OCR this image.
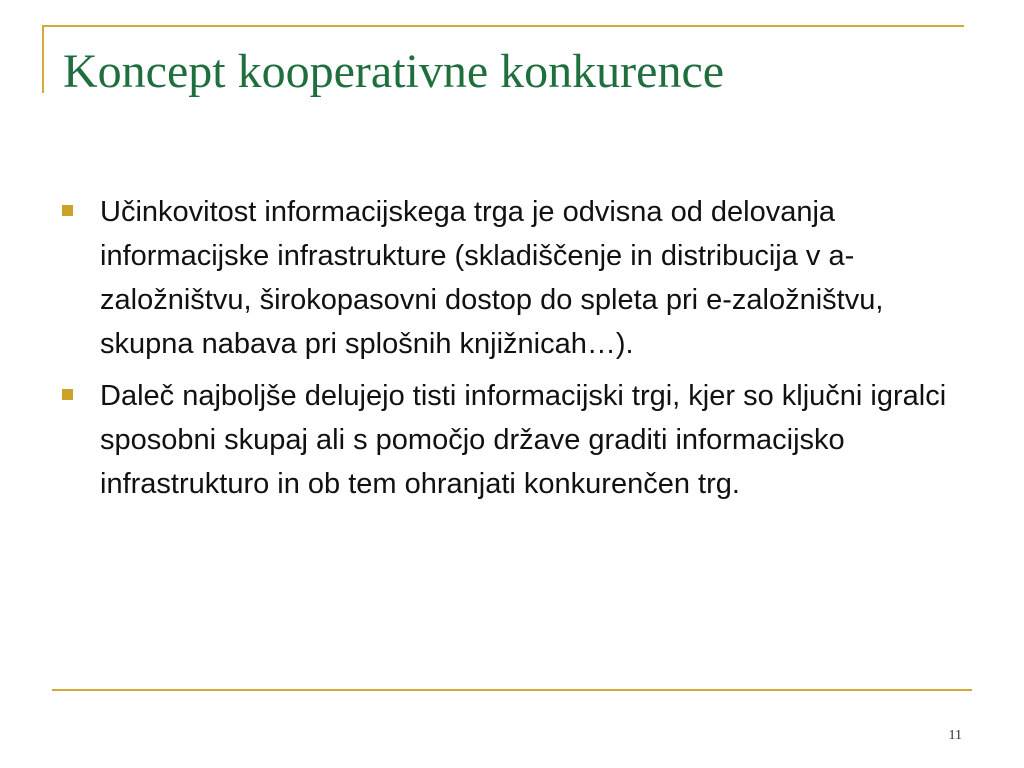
Koncept kooperativne konkurence
Učinkovitost informacijskega trga je odvisna od delovanja informacijske infrastrukture (skladiščenje in distribucija v a-založništvu, širokopasovni dostop do spleta pri e-založništvu, skupna nabava pri splošnih knjižnicah…).
Daleč najboljše delujejo tisti informacijski trgi, kjer so ključni igralci sposobni skupaj ali s pomočjo države graditi informacijsko infrastrukturo in ob tem ohranjati konkurenčen trg.
11
